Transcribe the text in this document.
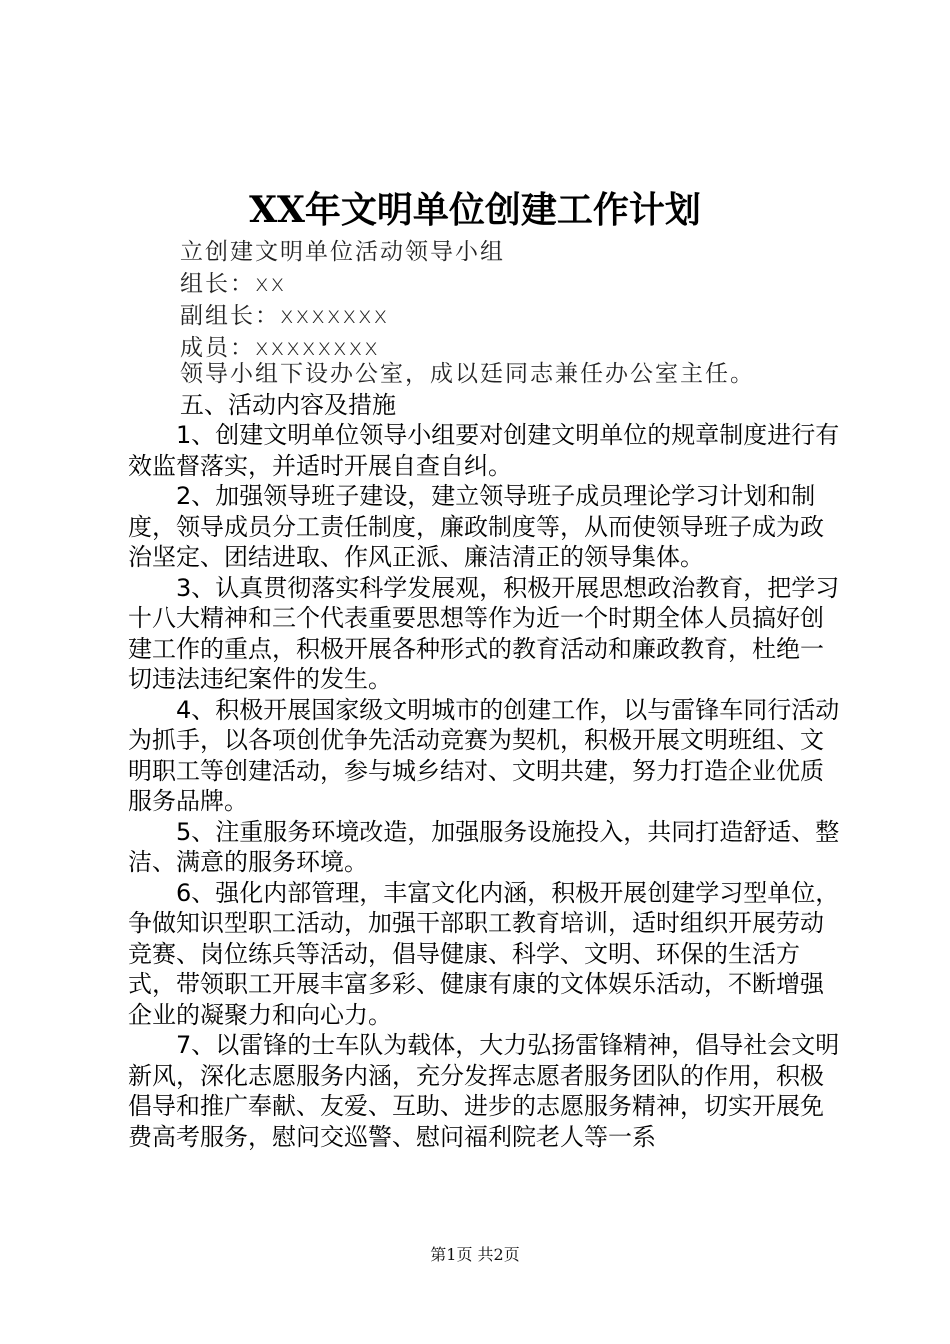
XX年文明单位创建工作计划

立创建文明单位活动领导小组

组长：xx

副组长：xxxxxxx

成员：xxxxxxxx

领导小组下设办公室，成以廷同志兼任办公室主任。

五、活动内容及措施

1、创建文明单位领导小组要对创建文明单位的规章制度进行有效监督落实，并适时开展自查自纠。

2、加强领导班子建设，建立领导班子成员理论学习计划和制度，领导成员分工责任制度，廉政制度等，从而使领导班子成为政治坚定、团结进取、作风正派、廉洁清正的领导集体。

3、认真贯彻落实科学发展观，积极开展思想政治教育，把学习十八大精神和三个代表重要思想等作为近一个时期全体人员搞好创建工作的重点，积极开展各种形式的教育活动和廉政教育，杜绝一切违法违纪案件的发生。

4、积极开展国家级文明城市的创建工作，以与雷锋车同行活动为抓手，以各项创优争先活动竞赛为契机，积极开展文明班组、文明职工等创建活动，参与城乡结对、文明共建，努力打造企业优质服务品牌。

5、注重服务环境改造，加强服务设施投入，共同打造舒适、整洁、满意的服务环境。

6、强化内部管理，丰富文化内涵，积极开展创建学习型单位，争做知识型职工活动，加强干部职工教育培训，适时组织开展劳动竞赛、岗位练兵等活动，倡导健康、科学、文明、环保的生活方式，带领职工开展丰富多彩、健康有康的文体娱乐活动，不断增强企业的凝聚力和向心力。

7、以雷锋的士车队为载体，大力弘扬雷锋精神，倡导社会文明新风，深化志愿服务内涵，充分发挥志愿者服务团队的作用，积极倡导和推广奉献、友爱、互助、进步的志愿服务精神，切实开展免费高考服务，慰问交巡警、慰问福利院老人等一系

第1页 共2页
